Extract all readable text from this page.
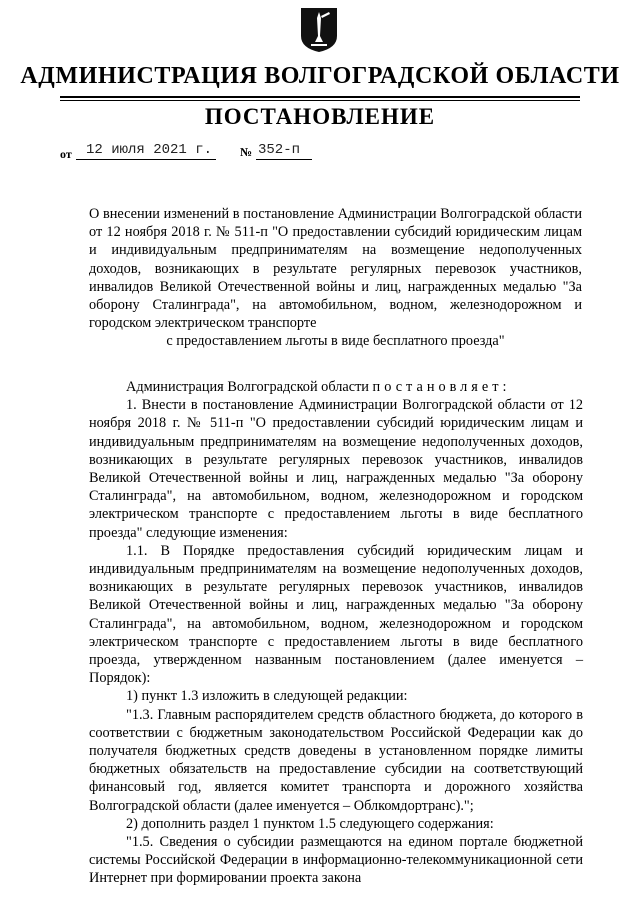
АДМИНИСТРАЦИЯ ВОЛГОГРАДСКОЙ ОБЛАСТИ
ПОСТАНОВЛЕНИЕ
от	12 июля 2021 г.	№ 352-п
О внесении изменений в постановление Администрации Волгоградской области от 12 ноября 2018 г. № 511-п "О предоставлении субсидий юридическим лицам и индивидуальным предпринимателям на возмещение недополученных доходов, возникающих в результате регулярных перевозок участников, инвалидов Великой Отечественной войны и лиц, награжденных медалью "За оборону Сталинграда", на автомобильном, водном, железнодорожном и городском электрическом транспорте
с предоставлением льготы в виде бесплатного проезда"

Администрация Волгоградской области постановляет:

1. Внести в постановление Администрации Волгоградской области от 12 ноября 2018 г. № 511-п "О предоставлении субсидий юридическим лицам и индивидуальным предпринимателям на возмещение недополученных доходов, возникающих в результате регулярных перевозок участников, инвалидов Великой Отечественной войны и лиц, награжденных медалью "За оборону Сталинграда", на автомобильном, водном, железнодорожном и городском электрическом транспорте с предоставлением льготы в виде бесплатного проезда" следующие изменения:

1.1. В Порядке предоставления субсидий юридическим лицам и индивидуальным предпринимателям на возмещение недополученных доходов, возникающих в результате регулярных перевозок участников, инвалидов Великой Отечественной войны и лиц, награжденных медалью "За оборону Сталинграда", на автомобильном, водном, железнодорожном и городском электрическом транспорте с предоставлением льготы в виде бесплатного проезда, утвержденном названным постановлением (далее именуется – Порядок):

1) пункт 1.3 изложить в следующей редакции:

"1.3. Главным распорядителем средств областного бюджета, до которого в соответствии с бюджетным законодательством Российской Федерации как до получателя бюджетных средств доведены в установленном порядке лимиты бюджетных обязательств на предоставление субсидии на соответствующий финансовый год, является комитет транспорта и дорожного хозяйства Волгоградской области (далее именуется – Облкомдортранс).";

2) дополнить раздел 1 пунктом 1.5 следующего содержания:

"1.5. Сведения о субсидии размещаются на едином портале бюджетной системы Российской Федерации в информационно-телекоммуникационной сети Интернет при формировании проекта закона
